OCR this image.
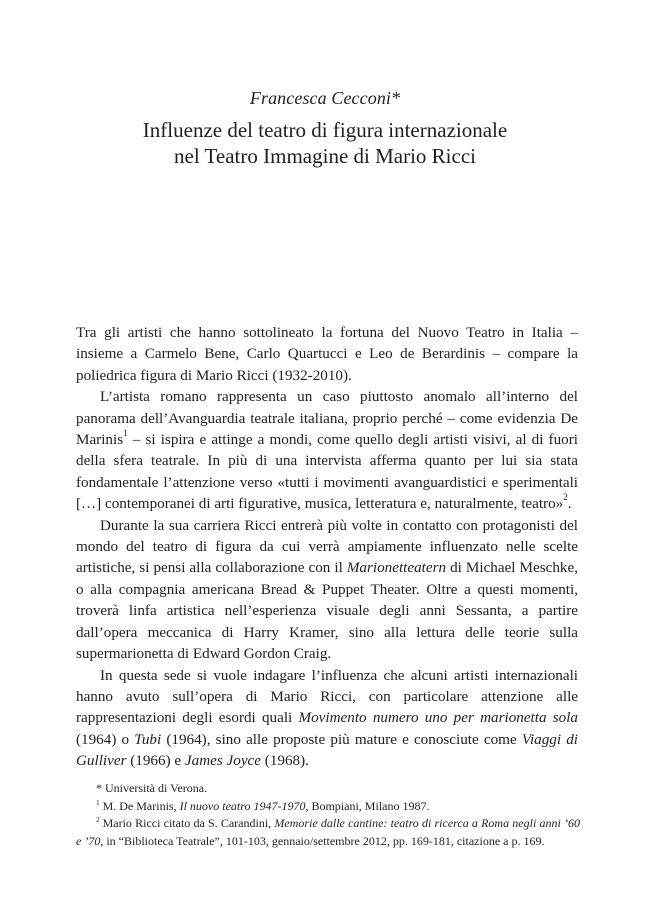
Francesca Cecconi*
Influenze del teatro di figura internazionale
nel Teatro Immagine di Mario Ricci

Tra gli artisti che hanno sottolineato la fortuna del Nuovo Teatro in Italia – insieme a Carmelo Bene, Carlo Quartucci e Leo de Berardinis – compare la poliedrica figura di Mario Ricci (1932-2010).

L’artista romano rappresenta un caso piuttosto anomalo all’interno del panorama dell’Avanguardia teatrale italiana, proprio perché – come evidenzia De Marinis$^1$ – si ispira e attinge a mondi, come quello degli artisti visivi, al di fuori della sfera teatrale. In più di una intervista afferma quanto per lui sia stata fondamentale l’attenzione verso «tutti i movimenti avanguardistici e sperimentali […] contemporanei di arti figurative, musica, letteratura e, naturalmente, teatro»$^2$.

Durante la sua carriera Ricci entrerà più volte in contatto con protagonisti del mondo del teatro di figura da cui verrà ampiamente influenzato nelle scelte artistiche, si pensi alla collaborazione con il Marionetteatern di Michael Meschke, o alla compagnia americana Bread & Puppet Theater. Oltre a questi momenti, troverà linfa artistica nell’esperienza visuale degli anni Sessanta, a partire dall’opera meccanica di Harry Kramer, sino alla lettura delle teorie sulla supermarionetta di Edward Gordon Craig.

In questa sede si vuole indagare l’influenza che alcuni artisti internazionali hanno avuto sull’opera di Mario Ricci, con particolare attenzione alle rappresentazioni degli esordi quali Movimento numero uno per marionetta sola (1964) o Tubi (1964), sino alle proposte più mature e conosciute come Viaggi di Gulliver (1966) e James Joyce (1968).

* Università di Verona.

$^1$ M. De Marinis, Il nuovo teatro 1947-1970, Bompiani, Milano 1987.

$^2$ Mario Ricci citato da S. Carandini, Memorie dalle cantine: teatro di ricerca a Roma negli anni ’60 e ’70, in “Biblioteca Teatrale”, 101-103, gennaio/settembre 2012, pp. 169-181, citazione a p. 169.
